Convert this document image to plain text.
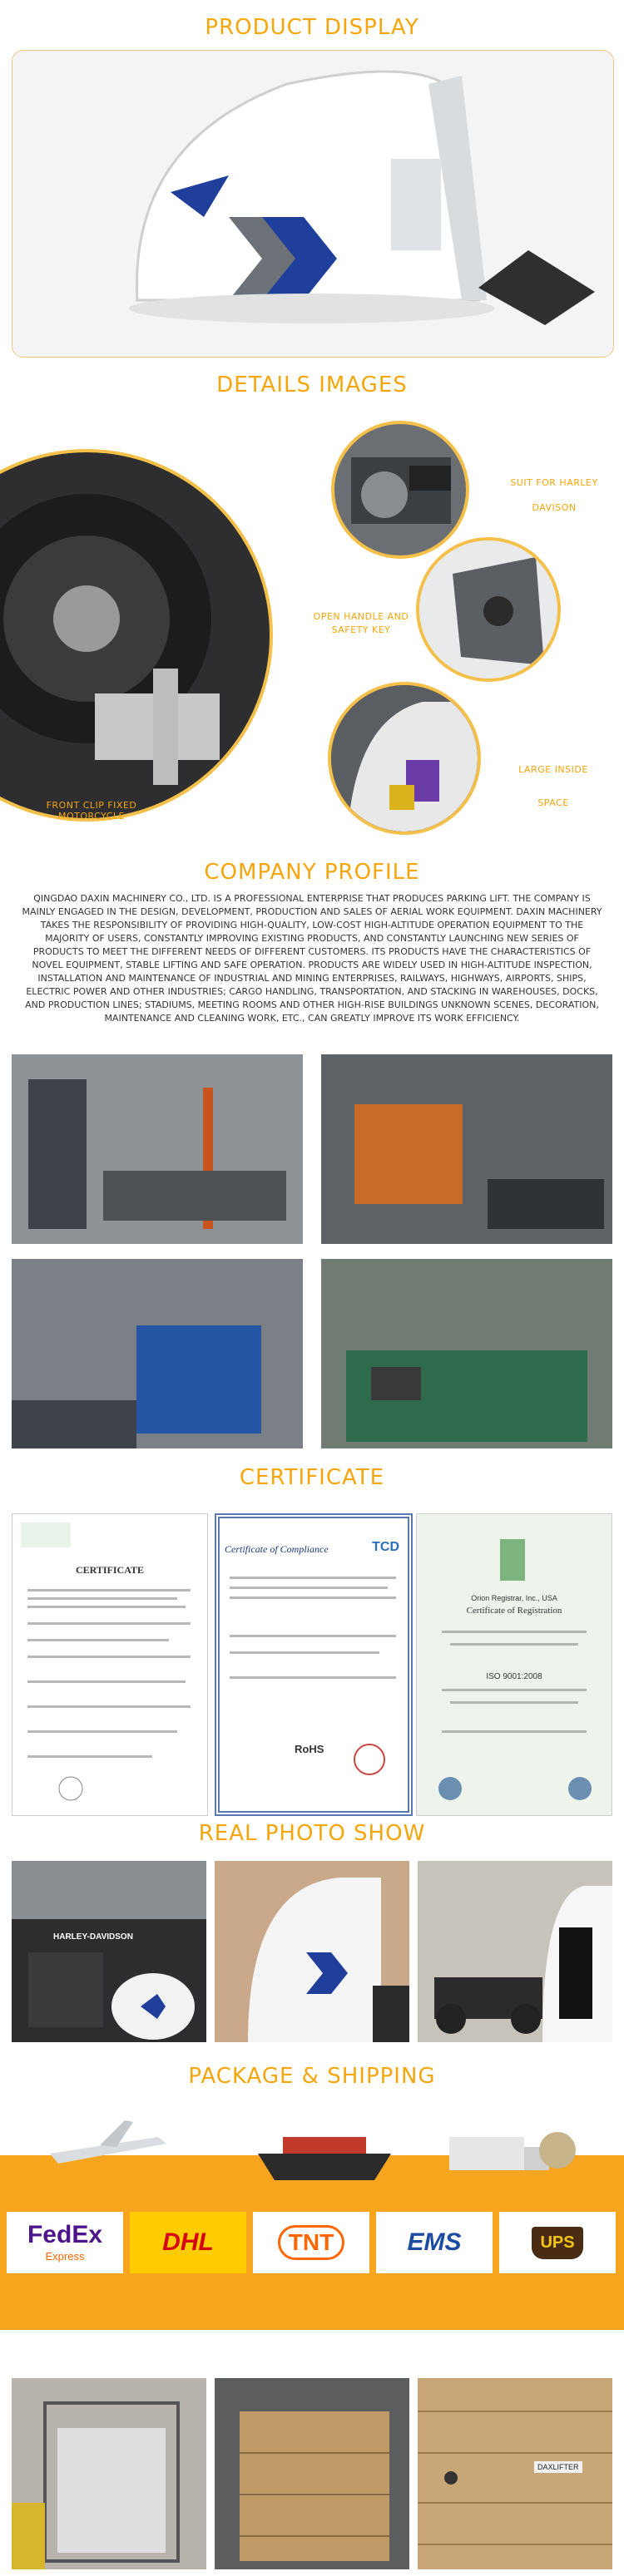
PRODUCT DISPLAY
DETAILS IMAGES
FRONT CLIP FIXED
MOTORCYCLE
SUIT FOR HARLEY
DAVISON
OPEN HANDLE AND
SAFETY KEY
LARGE INSIDE
SPACE
COMPANY PROFILE
QINGDAO DAXIN MACHINERY CO., LTD. IS A PROFESSIONAL ENTERPRISE THAT PRODUCES PARKING LIFT. THE COMPANY IS MAINLY ENGAGED IN THE DESIGN, DEVELOPMENT, PRODUCTION AND SALES OF AERIAL WORK EQUIPMENT. DAXIN MACHINERY TAKES THE RESPONSIBILITY OF PROVIDING HIGH-QUALITY, LOW-COST HIGH-ALTITUDE OPERATION EQUIPMENT TO THE MAJORITY OF USERS, CONSTANTLY IMPROVING EXISTING PRODUCTS, AND CONSTANTLY LAUNCHING NEW SERIES OF PRODUCTS TO MEET THE DIFFERENT NEEDS OF DIFFERENT CUSTOMERS. ITS PRODUCTS HAVE THE CHARACTERISTICS OF NOVEL EQUIPMENT, STABLE LIFTING AND SAFE OPERATION. PRODUCTS ARE WIDELY USED IN HIGH-ALTITUDE INSPECTION, INSTALLATION AND MAINTENANCE OF INDUSTRIAL AND MINING ENTERPRISES, RAILWAYS, HIGHWAYS, AIRPORTS, SHIPS, ELECTRIC POWER AND OTHER INDUSTRIES; CARGO HANDLING, TRANSPORTATION, AND STACKING IN WAREHOUSES, DOCKS, AND PRODUCTION LINES; STADIUMS, MEETING ROOMS AND OTHER HIGH-RISE BUILDINGS UNKNOWN SCENES, DECORATION, MAINTENANCE AND CLEANING WORK, ETC., CAN GREATLY IMPROVE ITS WORK EFFICIENCY.
CERTIFICATE
CERTIFICATE
Certificate of Compliance	TCD
RoHS
Orion Registrar, Inc., USA
Certificate of Registration
ISO 9001:2008
REAL PHOTO SHOW
HARLEY-DAVIDSON
PACKAGE & SHIPPING
FedEx
Express
DHL	TNT	EMS	UPS
DAXLIFTER
